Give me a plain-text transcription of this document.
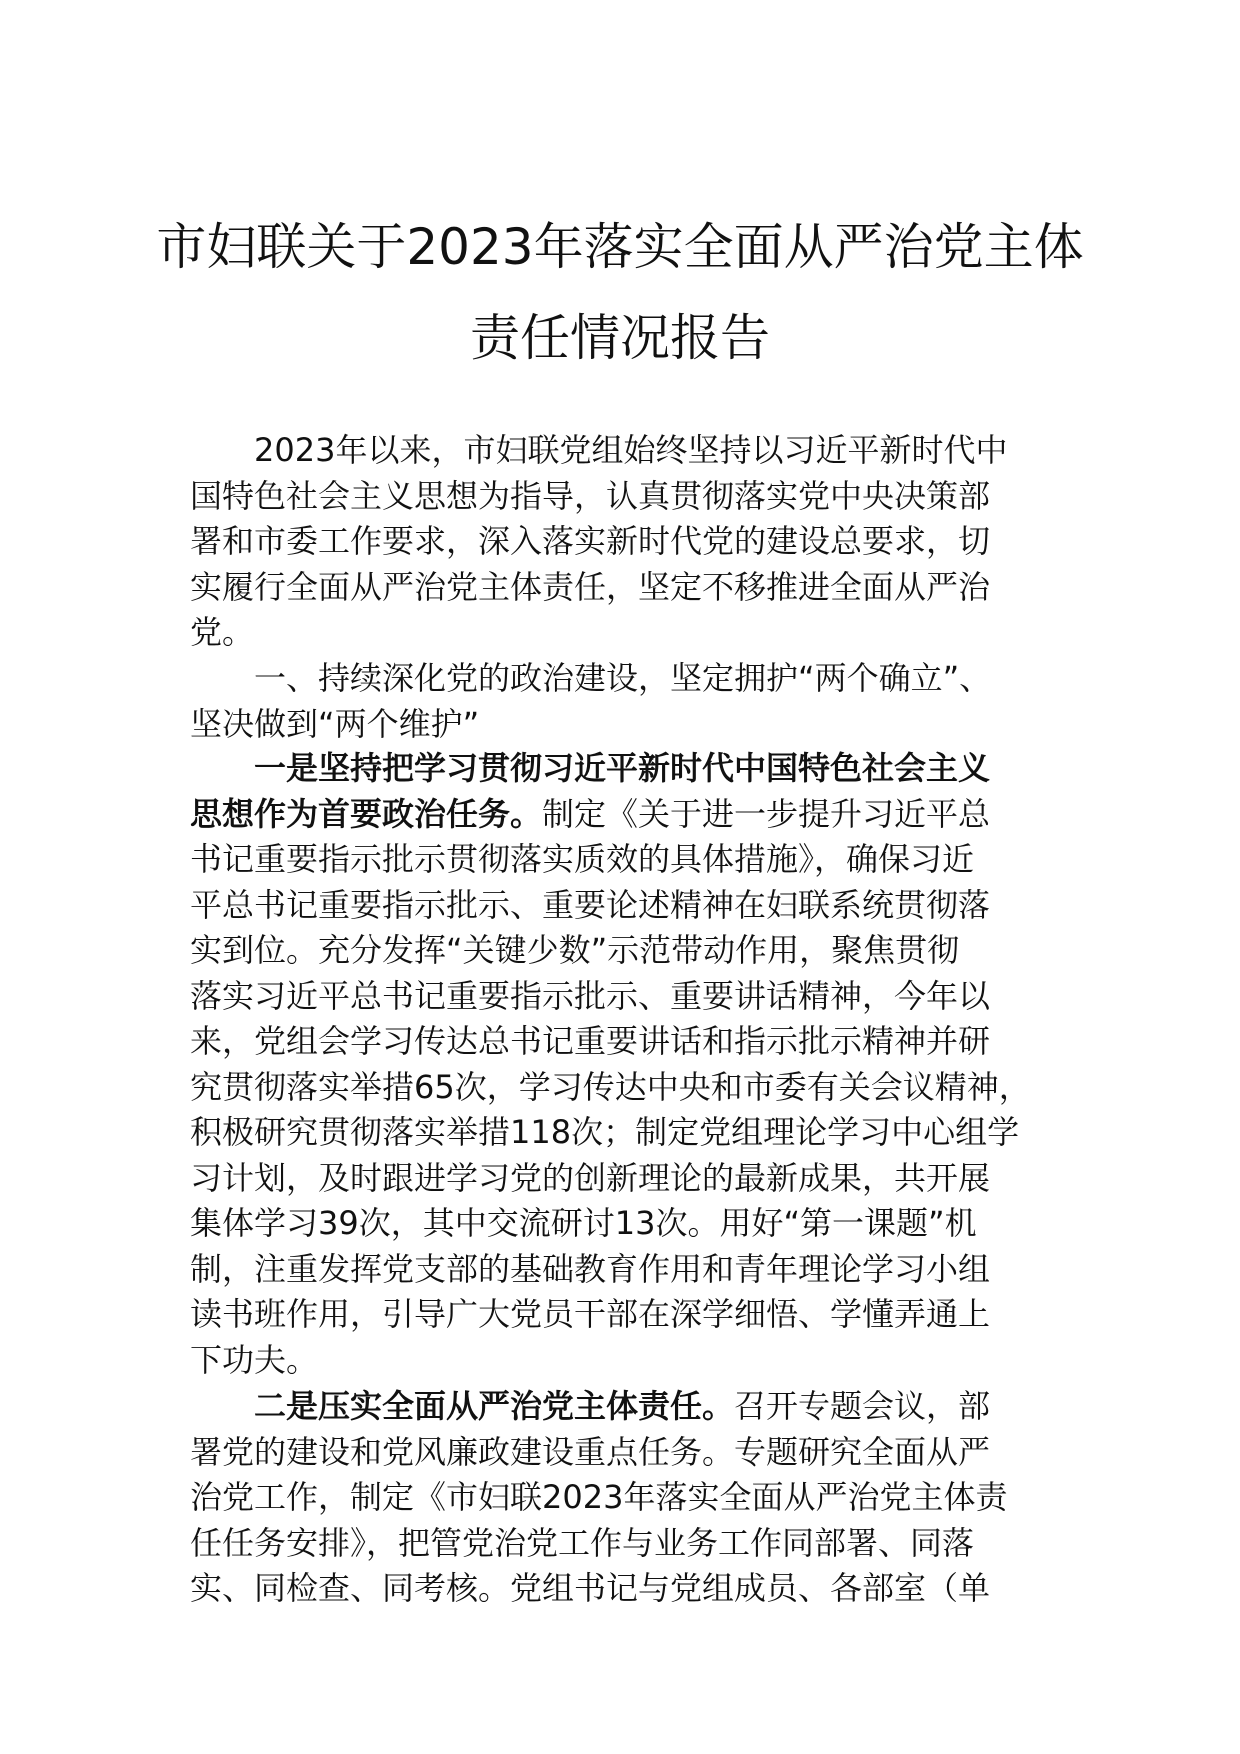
市妇联关于2023年落实全面从严治党主体
责任情况报告
2023年以来，市妇联党组始终坚持以习近平新时代中
国特色社会主义思想为指导，认真贯彻落实党中央决策部
署和市委工作要求，深入落实新时代党的建设总要求，切
实履行全面从严治党主体责任，坚定不移推进全面从严治
党。
一、持续深化党的政治建设，坚定拥护“两个确立”、
坚决做到“两个维护”
一是坚持把学习贯彻习近平新时代中国特色社会主义
思想作为首要政治任务。制定《关于进一步提升习近平总
书记重要指示批示贯彻落实质效的具体措施》，确保习近
平总书记重要指示批示、重要论述精神在妇联系统贯彻落
实到位。充分发挥“关键少数”示范带动作用，聚焦贯彻
落实习近平总书记重要指示批示、重要讲话精神，今年以
来，党组会学习传达总书记重要讲话和指示批示精神并研
究贯彻落实举措65次，学习传达中央和市委有关会议精神，
积极研究贯彻落实举措118次；制定党组理论学习中心组学
习计划，及时跟进学习党的创新理论的最新成果，共开展
集体学习39次，其中交流研讨13次。用好“第一课题”机
制，注重发挥党支部的基础教育作用和青年理论学习小组
读书班作用，引导广大党员干部在深学细悟、学懂弄通上
下功夫。
二是压实全面从严治党主体责任。召开专题会议，部
署党的建设和党风廉政建设重点任务。专题研究全面从严
治党工作，制定《市妇联2023年落实全面从严治党主体责
任任务安排》，把管党治党工作与业务工作同部署、同落
实、同检查、同考核。党组书记与党组成员、各部室（单
